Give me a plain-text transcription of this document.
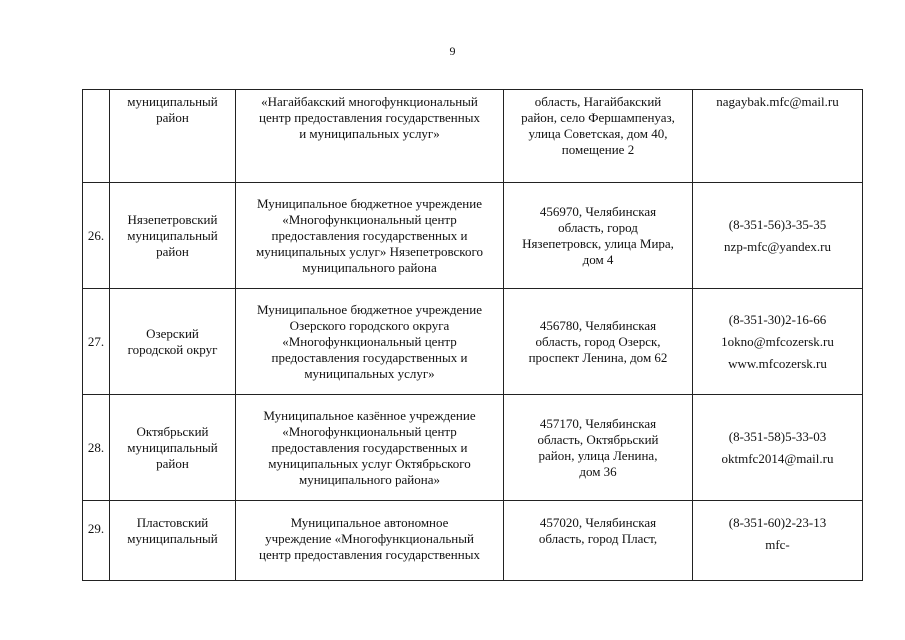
9

	муниципальный
район	«Нагайбакский многофункциональный
центр предоставления государственных
и муниципальных услуг»	область, Нагайбакский
район, село Фершампенуаз,
улица Советская, дом 40,
помещение 2	nagaybak.mfc@mail.ru

26.	Нязепетровский
муниципальный
район	Муниципальное бюджетное учреждение
«Многофункциональный центр
предоставления государственных и
муниципальных услуг» Нязепетровского
муниципального района	456970, Челябинская
область, город
Нязепетровск, улица Мира,
дом 4	(8-351-56)3-35-35
nzp-mfc@yandex.ru

27.	Озерский
городской округ	Муниципальное бюджетное учреждение
Озерского городского округа
«Многофункциональный центр
предоставления государственных и
муниципальных услуг»	456780, Челябинская
область, город Озерск,
проспект Ленина, дом 62	(8-351-30)2-16-66
1okno@mfcozersk.ru
www.mfcozersk.ru

28.	Октябрьский
муниципальный
район	Муниципальное казённое учреждение
«Многофункциональный центр
предоставления государственных и
муниципальных услуг Октябрьского
муниципального района»	457170, Челябинская
область, Октябрьский
район, улица Ленина,
дом 36	(8-351-58)5-33-03
oktmfc2014@mail.ru

29.	Пластовский
муниципальный	Муниципальное автономное
учреждение «Многофункциональный
центр предоставления государственных	457020, Челябинская
область, город Пласт,	(8-351-60)2-23-13
mfc-
